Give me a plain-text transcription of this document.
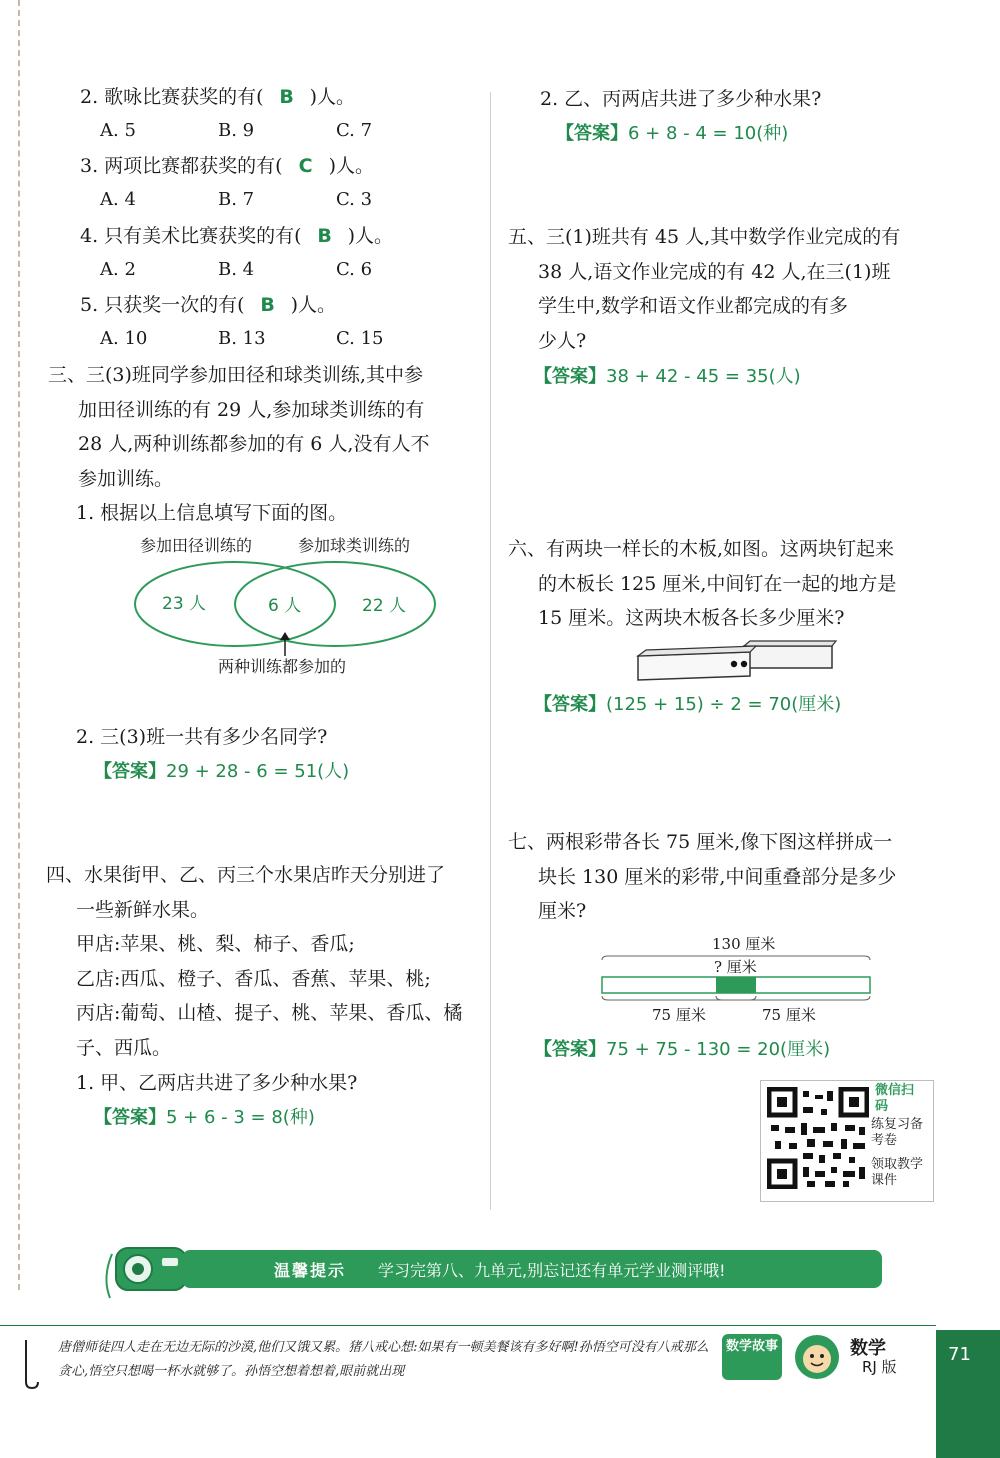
2. 歌咏比赛获奖的有( B )人。
A. 5	B. 9	C. 7
3. 两项比赛都获奖的有( C )人。
A. 4	B. 7	C. 3
4. 只有美术比赛获奖的有( B )人。
A. 2	B. 4	C. 6
5. 只获奖一次的有( B )人。
A. 10	B. 13	C. 15
三、三(3)班同学参加田径和球类训练,其中参
加田径训练的有 29 人,参加球类训练的有
28 人,两种训练都参加的有 6 人,没有人不
参加训练。
1. 根据以上信息填写下面的图。
参加田径训练的	参加球类训练的
23 人	6 人	22 人
两种训练都参加的
2. 三(3)班一共有多少名同学?
【答案】29 + 28 - 6 = 51(人)
四、水果街甲、乙、丙三个水果店昨天分别进了
一些新鲜水果。
甲店:苹果、桃、梨、柿子、香瓜;
乙店:西瓜、橙子、香瓜、香蕉、苹果、桃;
丙店:葡萄、山楂、提子、桃、苹果、香瓜、橘
子、西瓜。
1. 甲、乙两店共进了多少种水果?
【答案】5 + 6 - 3 = 8(种)
2. 乙、丙两店共进了多少种水果?
【答案】6 + 8 - 4 = 10(种)
五、三(1)班共有 45 人,其中数学作业完成的有
38 人,语文作业完成的有 42 人,在三(1)班
学生中,数学和语文作业都完成的有多
少人?
【答案】38 + 42 - 45 = 35(人)
六、有两块一样长的木板,如图。这两块钉起来
的木板长 125 厘米,中间钉在一起的地方是
15 厘米。这两块木板各长多少厘米?
【答案】(125 + 15) ÷ 2 = 70(厘米)
七、两根彩带各长 75 厘米,像下图这样拼成一
块长 130 厘米的彩带,中间重叠部分是多少
厘米?
130 厘米
? 厘米
75 厘米	75 厘米
【答案】75 + 75 - 130 = 20(厘米)
微信扫码
练复习备
考卷
领取教学
课件
温馨提示 学习完第八、九单元,别忘记还有单元学业测评哦!
唐僧师徒四人走在无边无际的沙漠,他们又饿又累。猪八戒心想:如果有一顿美餐该有多好啊!孙悟空可没有八戒那么贪心,悟空只想喝一杯水就够了。孙悟空想着想着,眼前就出现
数学故事	数学
RJ 版
71
